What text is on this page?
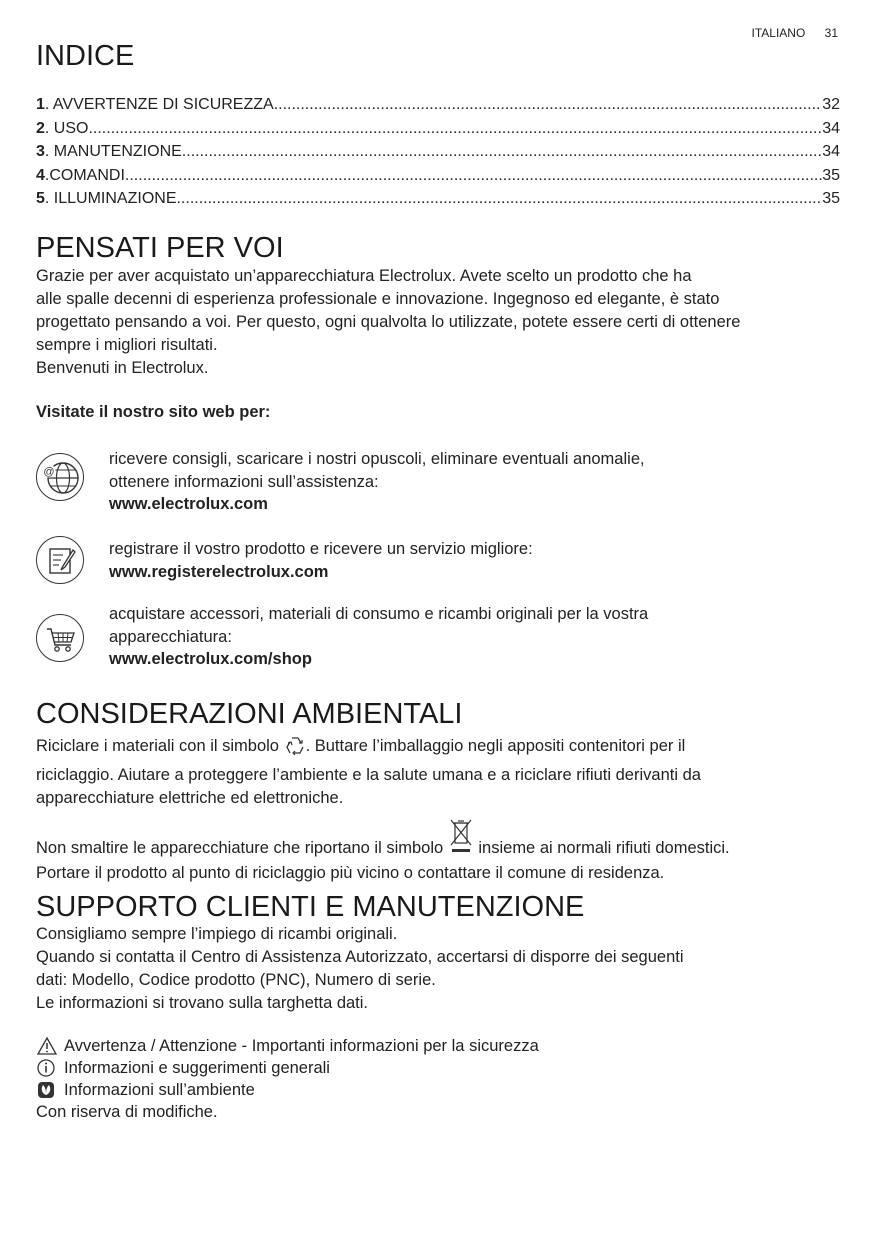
ITALIANO 31
INDICE
1 . AVVERTENZE DI SICUREZZA .....	32
2 . USO .....	34
3 . MANUTENZIONE .....	34
4 .COMANDI .....	35
5 . ILLUMINAZIONE .....	35
PENSATI PER VOI
Grazie per aver acquistato un’apparecchiatura Electrolux. Avete scelto un prodotto che ha
alle spalle decenni di esperienza professionale e innovazione. Ingegnoso ed elegante, è stato
progettato pensando a voi. Per questo, ogni qualvolta lo utilizzate, potete essere certi di ottenere
sempre i migliori risultati.
Benvenuti in Electrolux.
Visitate il nostro sito web per:
@
ricevere consigli, scaricare i nostri opuscoli, eliminare eventuali anomalie,
ottenere informazioni sull’assistenza:
www.electrolux.com
registrare il vostro prodotto e ricevere un servizio migliore:
www.registerelectrolux.com
acquistare accessori, materiali di consumo e ricambi originali per la vostra
apparecchiatura:
www.electrolux.com/shop
CONSIDERAZIONI AMBIENTALI
Riciclare i materiali con il simbolo . Buttare l’imballaggio negli appositi contenitori per il
riciclaggio. Aiutare a proteggere l’ambiente e la salute umana e a riciclare rifiuti derivanti da
apparecchiature elettriche ed elettroniche.
Non smaltire le apparecchiature che riportano il simbolo  insieme ai normali rifiuti domestici.
Portare il prodotto al punto di riciclaggio più vicino o contattare il comune di residenza.
SUPPORTO CLIENTI E MANUTENZIONE
Consigliamo sempre l’impiego di ricambi originali.
Quando si contatta il Centro di Assistenza Autorizzato, accertarsi di disporre dei seguenti
dati: Modello, Codice prodotto (PNC), Numero di serie.
Le informazioni si trovano sulla targhetta dati.
Avvertenza / Attenzione - Importanti informazioni per la sicurezza
Informazioni e suggerimenti generali
Informazioni sull’ambiente
Con riserva di modifiche.
